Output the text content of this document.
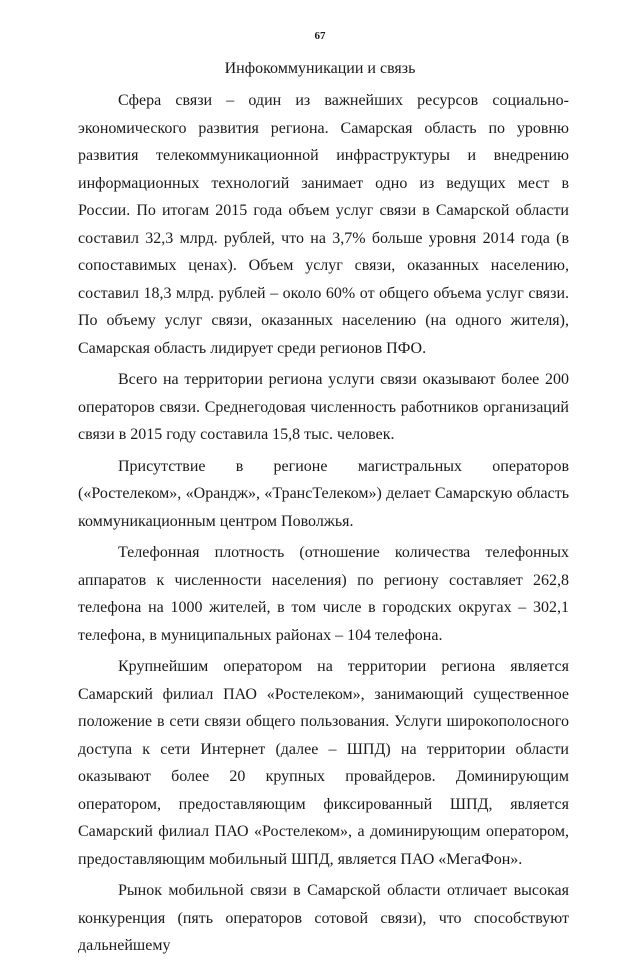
67
Инфокоммуникации и связь

Сфера связи – один из важнейших ресурсов социально-экономического развития региона. Самарская область по уровню развития телекоммуникационной инфраструктуры и внедрению информационных технологий занимает одно из ведущих мест в России. По итогам 2015 года объем услуг связи в Самарской области составил 32,3 млрд. рублей, что на 3,7% больше уровня 2014 года (в сопоставимых ценах). Объем услуг связи, оказанных населению, составил 18,3 млрд. рублей – около 60% от общего объема услуг связи. По объему услуг связи, оказанных населению (на одного жителя), Самарская область лидирует среди регионов ПФО.

Всего на территории региона услуги связи оказывают более 200 операторов связи. Среднегодовая численность работников организаций связи в 2015 году составила 15,8 тыс. человек.

Присутствие в регионе магистральных операторов («Ростелеком», «Орандж», «ТрансТелеком») делает Самарскую область коммуникационным центром Поволжья.

Телефонная плотность (отношение количества телефонных аппаратов к численности населения) по региону составляет 262,8 телефона на 1000 жителей, в том числе в городских округах – 302,1 телефона, в муниципальных районах – 104 телефона.

Крупнейшим оператором на территории региона является Самарский филиал ПАО «Ростелеком», занимающий существенное положение в сети связи общего пользования. Услуги широкополосного доступа к сети Интернет (далее – ШПД) на территории области оказывают более 20 крупных провайдеров. Доминирующим оператором, предоставляющим фиксированный ШПД, является Самарский филиал ПАО «Ростелеком», а доминирующим оператором, предоставляющим мобильный ШПД, является ПАО «МегаФон».

Рынок мобильной связи в Самарской области отличает высокая конкуренция (пять операторов сотовой связи), что способствуют дальнейшему
